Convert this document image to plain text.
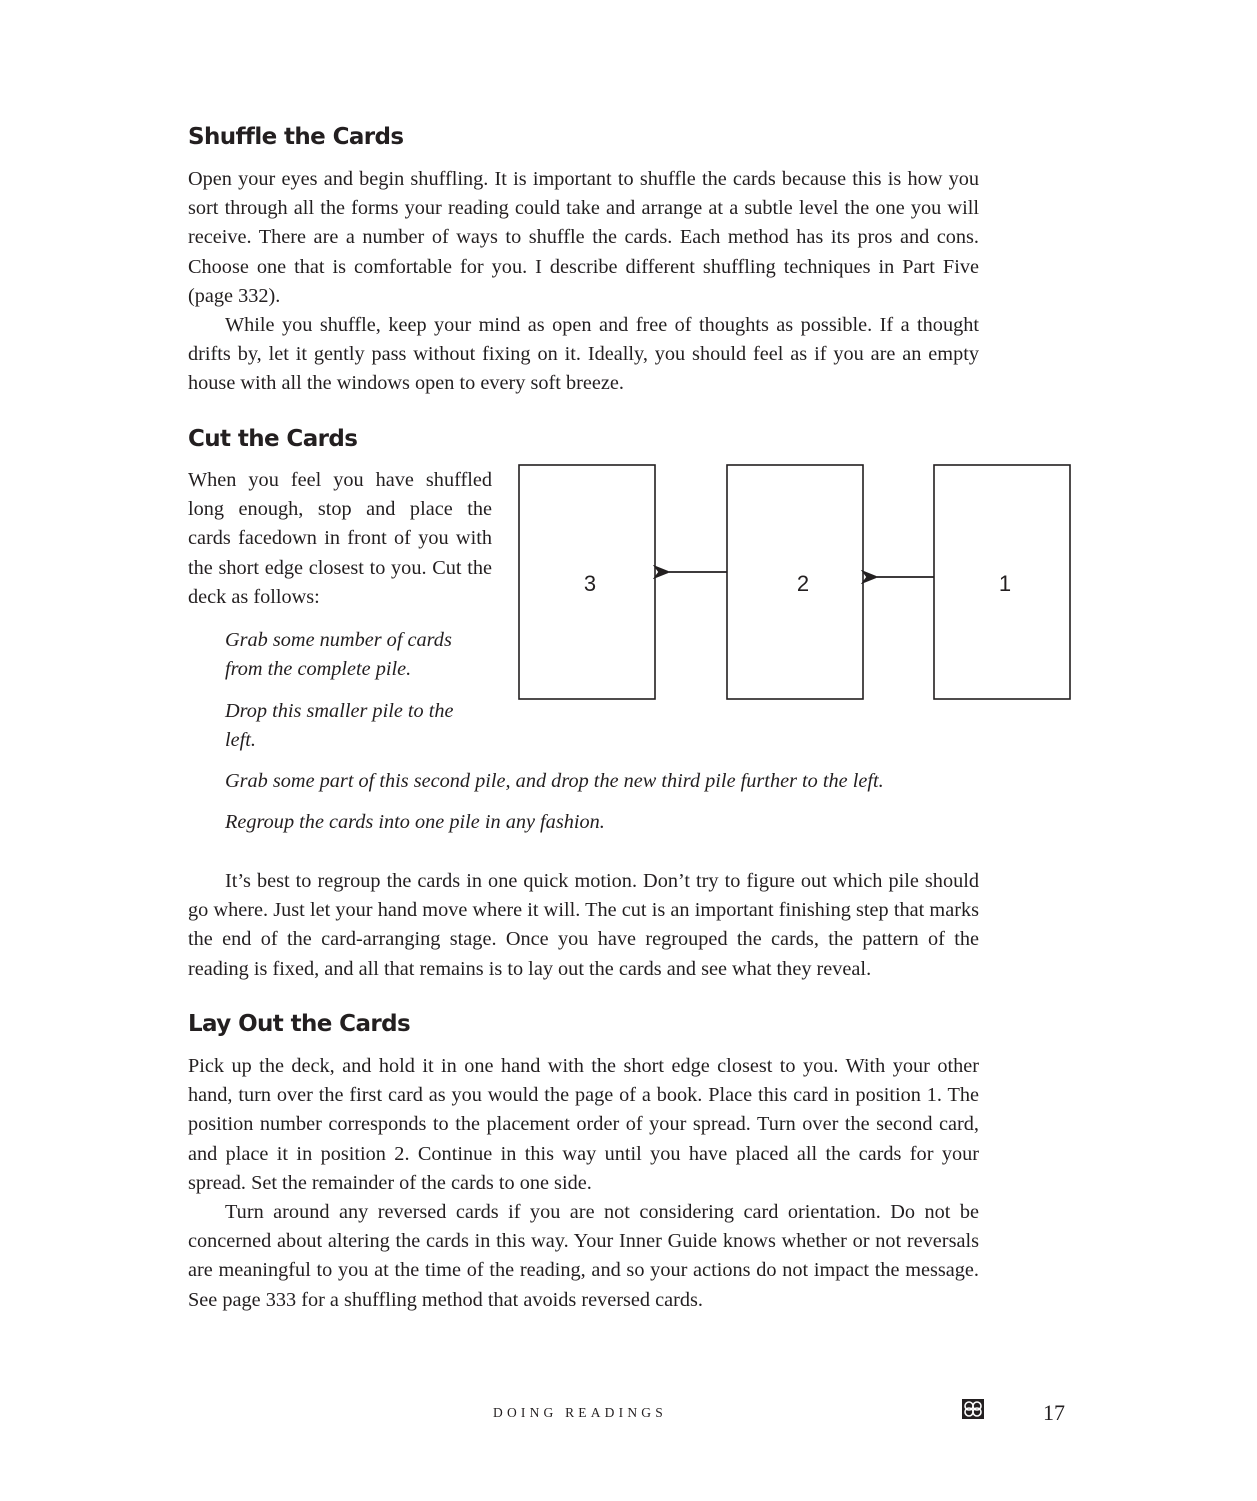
Shuffle the Cards

Open your eyes and begin shuffling. It is important to shuffle the cards because this is how you sort through all the forms your reading could take and arrange at a subtle level the one you will receive. There are a number of ways to shuffle the cards. Each method has its pros and cons. Choose one that is comfortable for you. I describe different shuffling techniques in Part Five (page 332).

While you shuffle, keep your mind as open and free of thoughts as possible. If a thought drifts by, let it gently pass without fixing on it. Ideally, you should feel as if you are an empty house with all the windows open to every soft breeze.

Cut the Cards

When you feel you have shuffled long enough, stop and place the cards facedown in front of you with the short edge closest to you. Cut the deck as follows:

Grab some number of cards from the complete pile.

Drop this smaller pile to the left.

Grab some part of this second pile, and drop the new third pile further to the left.

Regroup the cards into one pile in any fashion.

3	2	1

It’s best to regroup the cards in one quick motion. Don’t try to figure out which pile should go where. Just let your hand move where it will. The cut is an important finishing step that marks the end of the card-arranging stage. Once you have regrouped the cards, the pattern of the reading is fixed, and all that remains is to lay out the cards and see what they reveal.

Lay Out the Cards

Pick up the deck, and hold it in one hand with the short edge closest to you. With your other hand, turn over the first card as you would the page of a book. Place this card in position 1. The position number corresponds to the placement order of your spread. Turn over the second card, and place it in position 2. Continue in this way until you have placed all the cards for your spread. Set the remainder of the cards to one side.

Turn around any reversed cards if you are not considering card orientation. Do not be concerned about altering the cards in this way. Your Inner Guide knows whether or not reversals are meaningful to you at the time of the reading, and so your actions do not impact the message. See page 333 for a shuffling method that avoids reversed cards.

DOING READINGS	17
